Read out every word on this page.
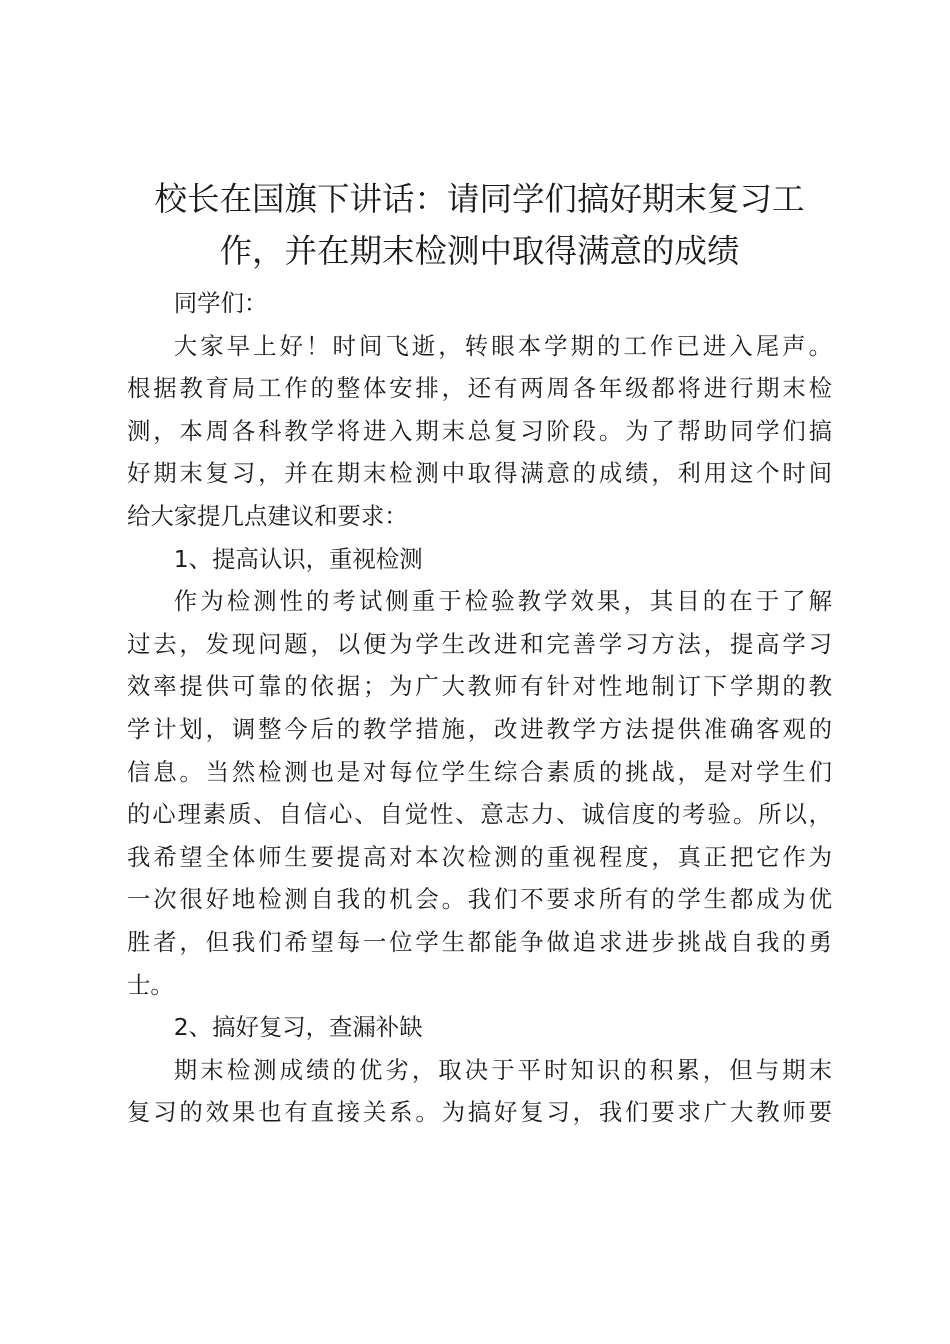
校长在国旗下讲话：请同学们搞好期末复习工
作，并在期末检测中取得满意的成绩
同学们：
大家早上好！时间飞逝，转眼本学期的工作已进入尾声。
根据教育局工作的整体安排，还有两周各年级都将进行期末检
测，本周各科教学将进入期末总复习阶段。为了帮助同学们搞
好期末复习，并在期末检测中取得满意的成绩，利用这个时间
给大家提几点建议和要求：
1、提高认识，重视检测
作为检测性的考试侧重于检验教学效果，其目的在于了解
过去，发现问题，以便为学生改进和完善学习方法，提高学习
效率提供可靠的依据；为广大教师有针对性地制订下学期的教
学计划，调整今后的教学措施，改进教学方法提供准确客观的
信息。当然检测也是对每位学生综合素质的挑战，是对学生们
的心理素质、自信心、自觉性、意志力、诚信度的考验。所以，
我希望全体师生要提高对本次检测的重视程度，真正把它作为
一次很好地检测自我的机会。我们不要求所有的学生都成为优
胜者，但我们希望每一位学生都能争做追求进步挑战自我的勇
士。
2、搞好复习，查漏补缺
期末检测成绩的优劣，取决于平时知识的积累，但与期末
复习的效果也有直接关系。为搞好复习，我们要求广大教师要
